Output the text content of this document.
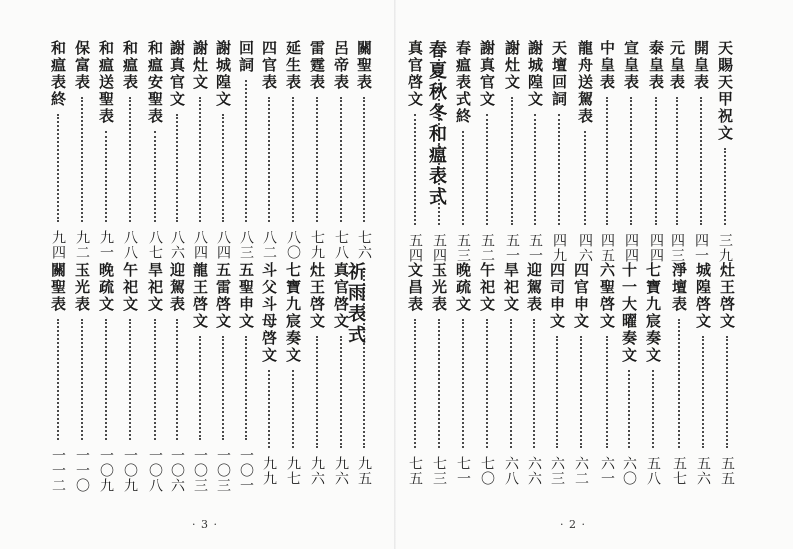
關聖表
七六
呂帝表
七八
雷霆表
七九
延生表
八〇
四官表
八二
回詞
八三
謝城隍文
八四
謝灶文
八四
謝真官文
八六
和瘟安聖表
八七
和瘟表
八八
和瘟送聖表
九一
保富表
九二
和瘟表終
九四
九五
真官啓文
九六
灶王啓文
九六
七寶九宸奏文
九七
斗父斗母啓文
九九
五聖申文
一〇一
五雷啓文
一〇三
龍王啓文
一〇三
迎駕表
一〇六
旱祀文
一〇八
午祀文
一〇九
晚疏文
一〇九
玉光表
一一〇
關聖表
一一二
祈雨表式
天賜天甲祝文
三九
開皇表
四一
元皇表
四三
泰皇表
四四
宣皇表
四四
中皇表
四五
龍舟送駕表
四六
天壇回詞
四九
謝城隍文
五一
謝灶文
五一
謝真官文
五二
春瘟表式終
五三
五四
真官啓文
五四
灶王啓文
五五
城隍啓文
五六
淨壇表
五七
七寶九宸奏文
五八
十一大曜奏文
六〇
六聖啓文
六一
四官申文
六二
四司申文
六三
迎駕表
六六
旱祀文
六八
午祀文
七〇
晚疏文
七一
玉光表
七三
文昌表
七五
春夏秋冬和瘟表式
· 3 ·	· 2 ·
